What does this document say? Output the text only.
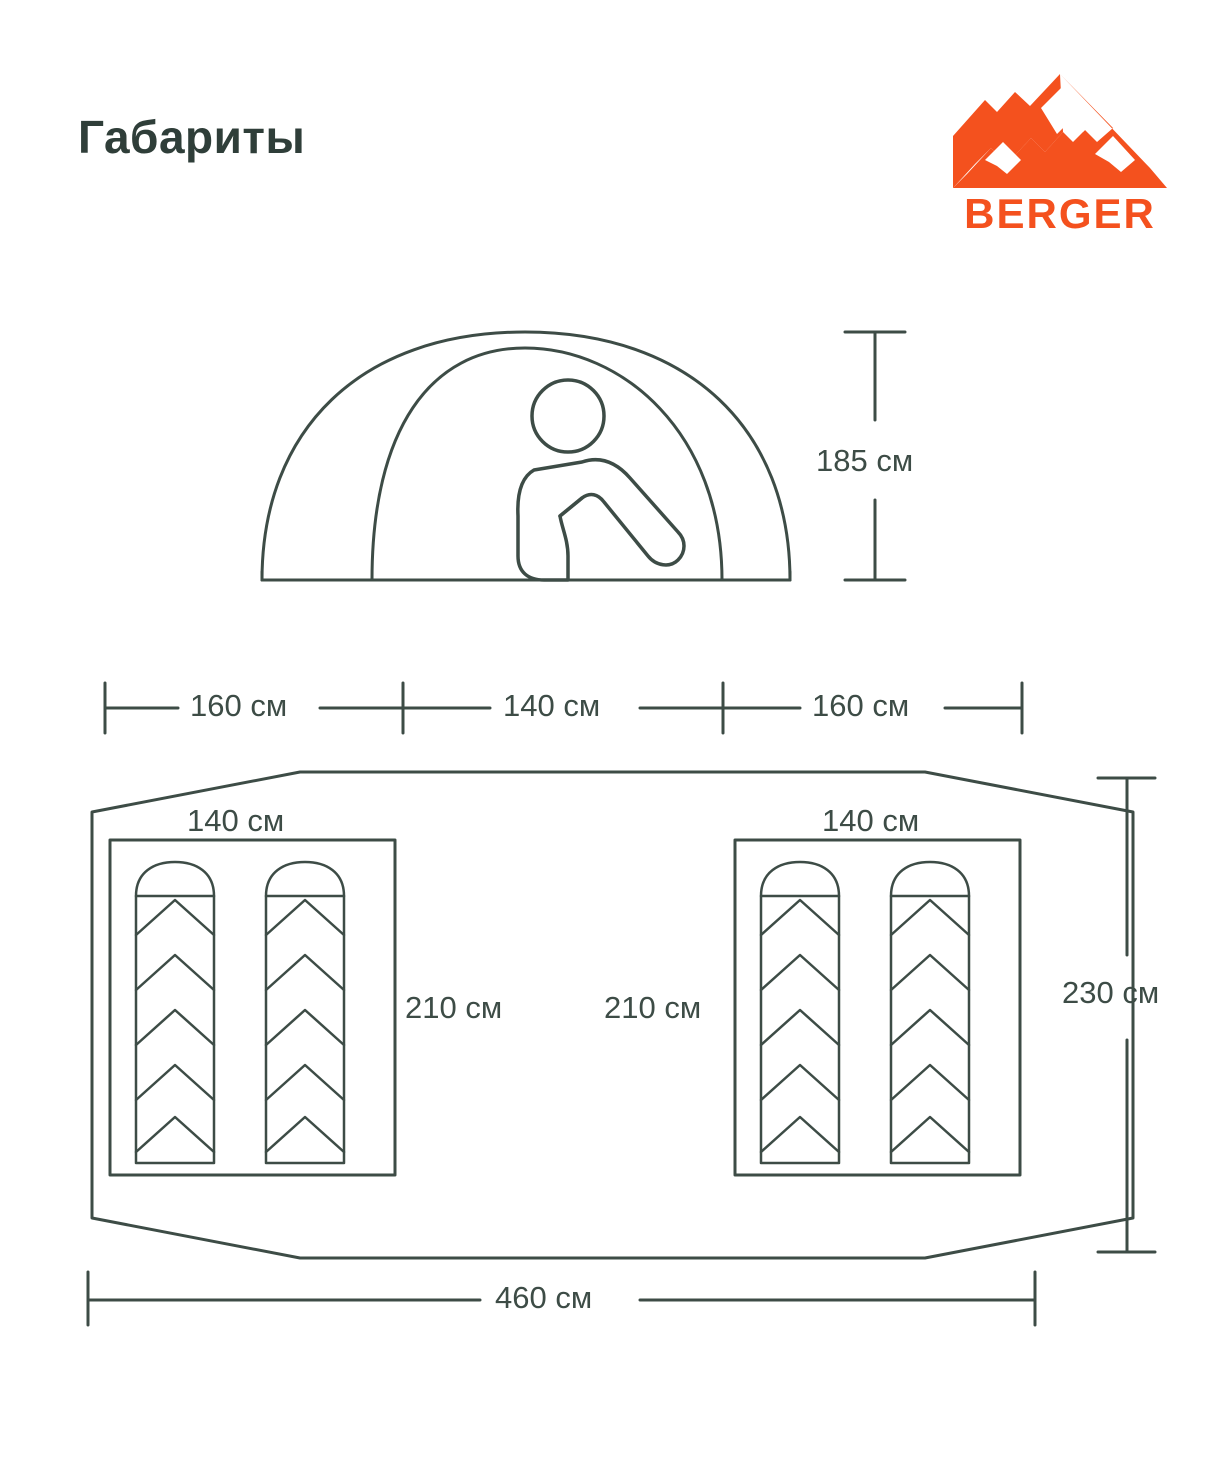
Габариты
BERGER
185 см
160 см	140 см	160 см
140 см	140 см
210 см	210 см	230 см
460 см
